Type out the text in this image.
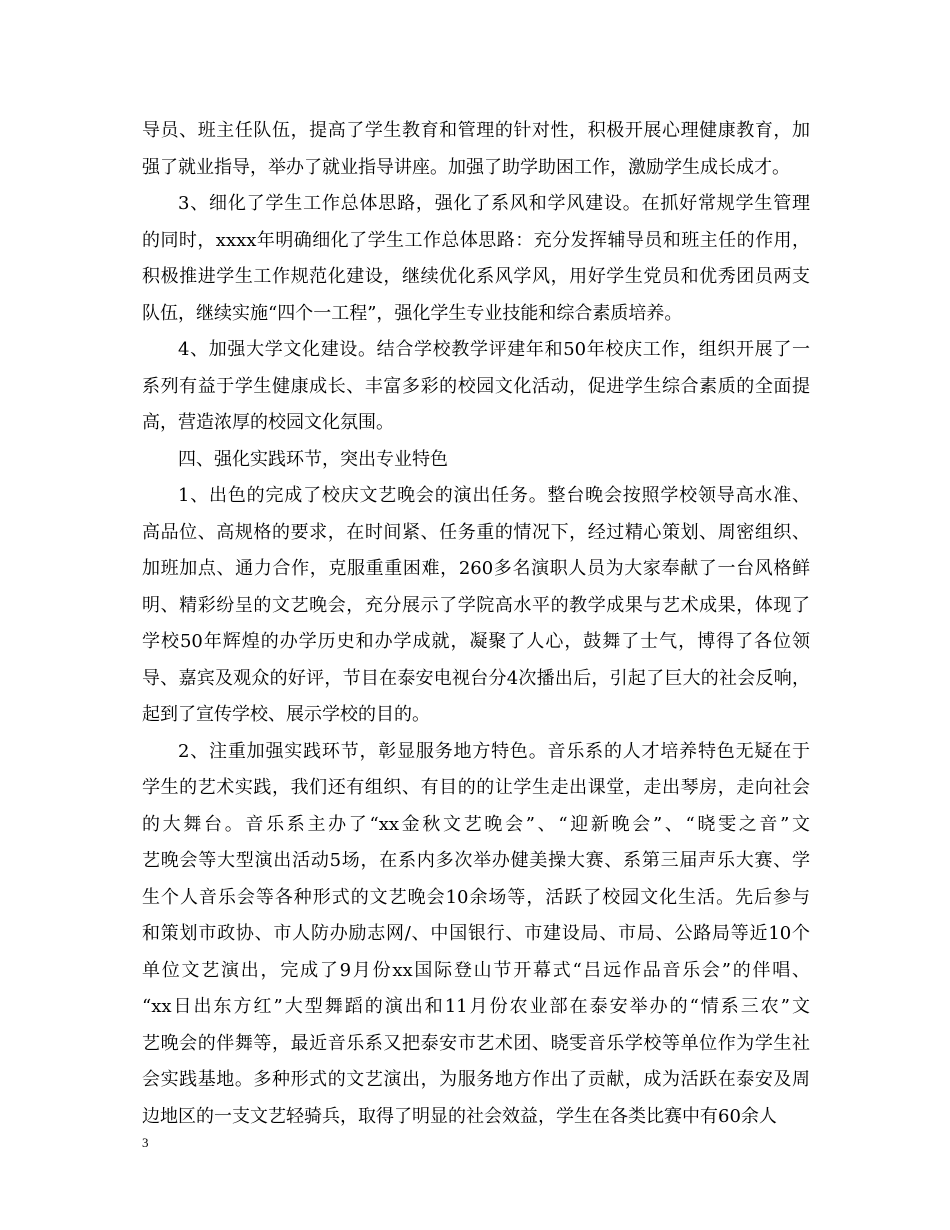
导员、班主任队伍，提高了学生教育和管理的针对性，积极开展心理健康教育，加
强了就业指导，举办了就业指导讲座。加强了助学助困工作，激励学生成长成才。
3、细化了学生工作总体思路，强化了系风和学风建设。在抓好常规学生管理
的同时，xxxx年明确细化了学生工作总体思路：充分发挥辅导员和班主任的作用，
积极推进学生工作规范化建设，继续优化系风学风，用好学生党员和优秀团员两支
队伍，继续实施“四个一工程”，强化学生专业技能和综合素质培养。
4、加强大学文化建设。结合学校教学评建年和50年校庆工作，组织开展了一
系列有益于学生健康成长、丰富多彩的校园文化活动，促进学生综合素质的全面提
高，营造浓厚的校园文化氛围。
四、强化实践环节，突出专业特色
1、出色的完成了校庆文艺晚会的演出任务。整台晚会按照学校领导高水准、
高品位、高规格的要求，在时间紧、任务重的情况下，经过精心策划、周密组织、
加班加点、通力合作，克服重重困难，260多名演职人员为大家奉献了一台风格鲜
明、精彩纷呈的文艺晚会，充分展示了学院高水平的教学成果与艺术成果，体现了
学校50年辉煌的办学历史和办学成就，凝聚了人心，鼓舞了士气，博得了各位领
导、嘉宾及观众的好评，节目在泰安电视台分4次播出后，引起了巨大的社会反响，
起到了宣传学校、展示学校的目的。
2、注重加强实践环节，彰显服务地方特色。音乐系的人才培养特色无疑在于
学生的艺术实践，我们还有组织、有目的的让学生走出课堂，走出琴房，走向社会
的大舞台。音乐系主办了“xx金秋文艺晚会”、“迎新晚会”、“晓雯之音”文
艺晚会等大型演出活动5场，在系内多次举办健美操大赛、系第三届声乐大赛、学
生个人音乐会等各种形式的文艺晚会10余场等，活跃了校园文化生活。先后参与
和策划市政协、市人防办励志网/、中国银行、市建设局、市局、公路局等近10个
单位文艺演出，完成了9月份xx国际登山节开幕式“吕远作品音乐会”的伴唱、
“xx日出东方红”大型舞蹈的演出和11月份农业部在泰安举办的“情系三农”文
艺晚会的伴舞等，最近音乐系又把泰安市艺术团、晓雯音乐学校等单位作为学生社
会实践基地。多种形式的文艺演出，为服务地方作出了贡献，成为活跃在泰安及周
边地区的一支文艺轻骑兵，取得了明显的社会效益，学生在各类比赛中有60余人
3
